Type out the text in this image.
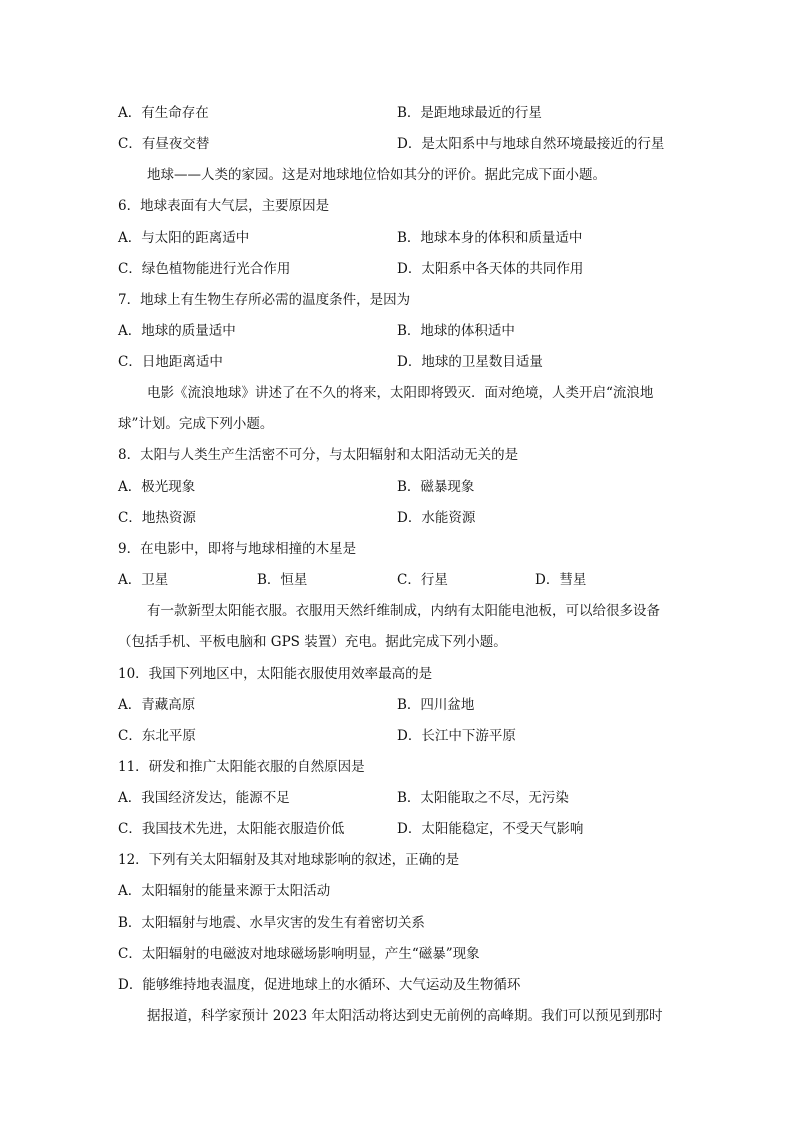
A．有生命存在	B．是距地球最近的行星
C．有昼夜交替	D．是太阳系中与地球自然环境最接近的行星
地球——人类的家园。这是对地球地位恰如其分的评价。据此完成下面小题。
6．地球表面有大气层，主要原因是
A．与太阳的距离适中	B．地球本身的体积和质量适中
C．绿色植物能进行光合作用	D．太阳系中各天体的共同作用
7．地球上有生物生存所必需的温度条件，是因为
A．地球的质量适中	B．地球的体积适中
C．日地距离适中	D．地球的卫星数目适量
电影《流浪地球》讲述了在不久的将来，太阳即将毁灭．面对绝境，人类开启“流浪地
球”计划。完成下列小题。
8．太阳与人类生产生活密不可分，与太阳辐射和太阳活动无关的是
A．极光现象	B．磁暴现象
C．地热资源	D．水能资源
9．在电影中，即将与地球相撞的木星是
A．卫星	B．恒星	C．行星	D．彗星
有一款新型太阳能衣服。衣服用天然纤维制成，内纳有太阳能电池板，可以给很多设备
（包括手机、平板电脑和 GPS 装置）充电。据此完成下列小题。
10．我国下列地区中，太阳能衣服使用效率最高的是
A．青藏高原	B．四川盆地
C．东北平原	D．长江中下游平原
11．研发和推广太阳能衣服的自然原因是
A．我国经济发达，能源不足	B．太阳能取之不尽，无污染
C．我国技术先进，太阳能衣服造价低	D．太阳能稳定，不受天气影响
12．下列有关太阳辐射及其对地球影响的叙述，正确的是
A．太阳辐射的能量来源于太阳活动
B．太阳辐射与地震、水旱灾害的发生有着密切关系
C．太阳辐射的电磁波对地球磁场影响明显，产生“磁暴”现象
D．能够维持地表温度，促进地球上的水循环、大气运动及生物循环
据报道，科学家预计 2023 年太阳活动将达到史无前例的高峰期。我们可以预见到那时
